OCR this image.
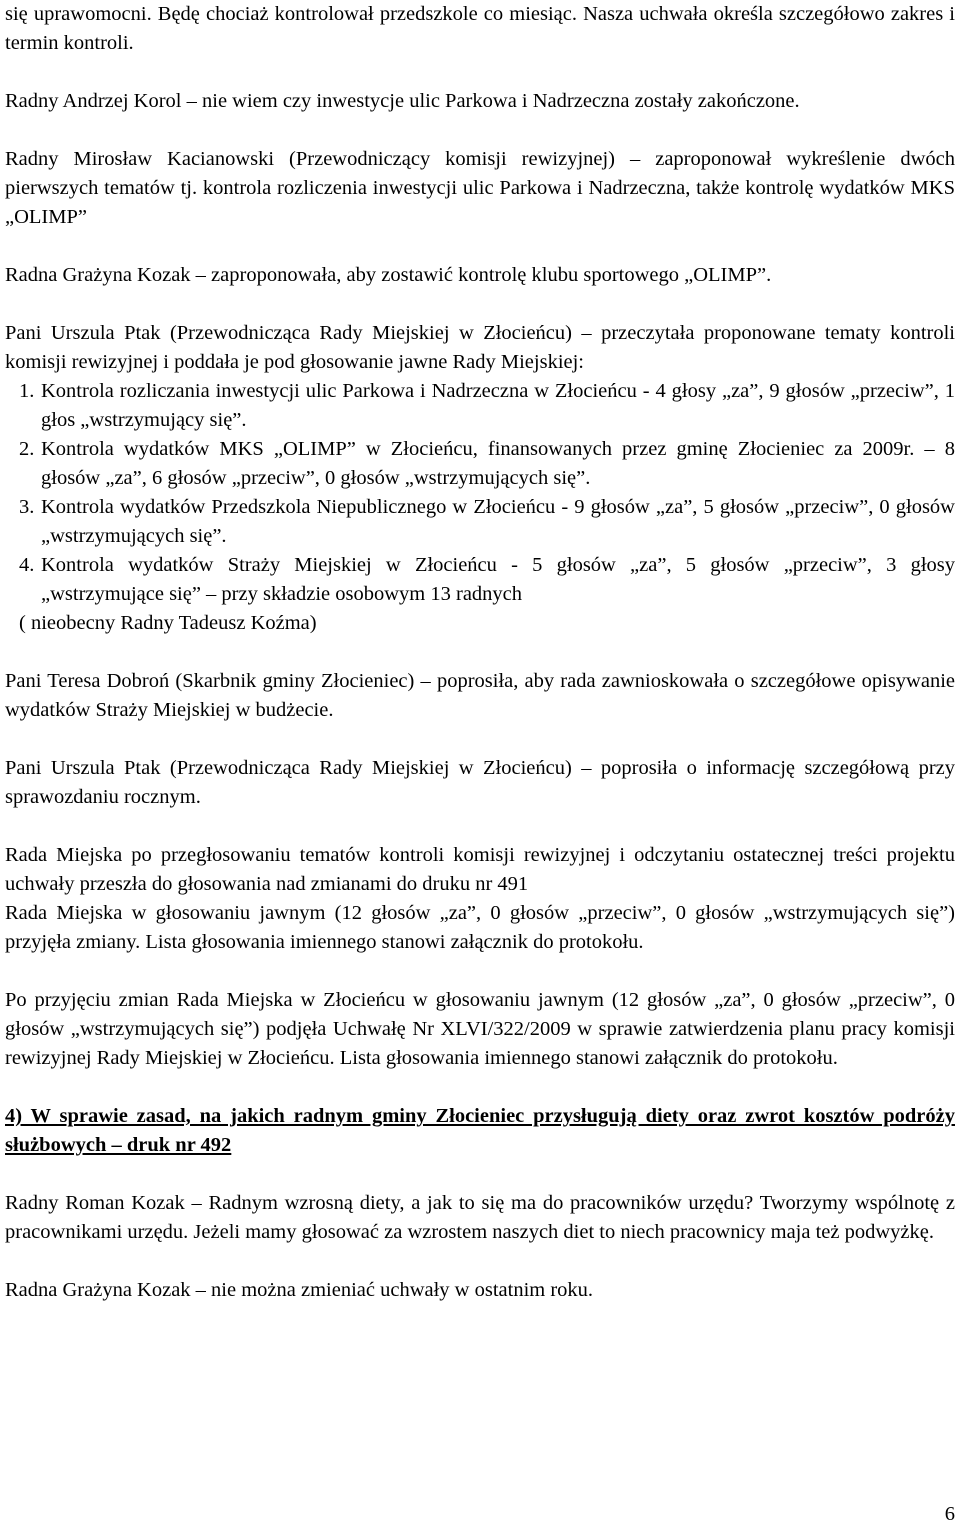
się uprawomocni. Będę chociaż kontrolował przedszkole co miesiąc. Nasza uchwała określa szczegółowo zakres i termin kontroli.

Radny Andrzej Korol – nie wiem czy inwestycje ulic Parkowa i Nadrzeczna zostały zakończone.

Radny Mirosław Kacianowski (Przewodniczący komisji rewizyjnej) – zaproponował wykreślenie dwóch pierwszych tematów tj. kontrola rozliczenia inwestycji ulic Parkowa i Nadrzeczna, także kontrolę wydatków MKS „OLIMP”

Radna Grażyna Kozak – zaproponowała, aby zostawić kontrolę klubu sportowego „OLIMP”.

Pani Urszula Ptak (Przewodnicząca Rady Miejskiej w Złocieńcu) – przeczytała proponowane tematy kontroli komisji rewizyjnej i poddała je pod głosowanie jawne Rady Miejskiej:

1. Kontrola rozliczania inwestycji ulic Parkowa i Nadrzeczna w Złocieńcu - 4 głosy „za”, 9 głosów „przeciw”, 1 głos „wstrzymujący się”.
2. Kontrola wydatków MKS „OLIMP” w Złocieńcu, finansowanych przez gminę Złocieniec za 2009r. – 8 głosów „za”, 6 głosów „przeciw”, 0 głosów „wstrzymujących się”.
3. Kontrola wydatków Przedszkola Niepublicznego w Złocieńcu - 9 głosów „za”, 5 głosów „przeciw”, 0 głosów „wstrzymujących się”.
4. Kontrola wydatków Straży Miejskiej w Złocieńcu - 5 głosów „za”, 5 głosów „przeciw”, 3 głosy „wstrzymujące się” – przy składzie osobowym 13 radnych

( nieobecny Radny Tadeusz Koźma)

Pani Teresa Dobroń (Skarbnik gminy Złocieniec) – poprosiła, aby rada zawnioskowała o szczegółowe opisywanie wydatków Straży Miejskiej w budżecie.

Pani Urszula Ptak (Przewodnicząca Rady Miejskiej w Złocieńcu) – poprosiła o informację szczegółową przy sprawozdaniu rocznym.

Rada Miejska po przegłosowaniu tematów kontroli komisji rewizyjnej i odczytaniu ostatecznej treści projektu uchwały przeszła do głosowania nad zmianami do druku nr 491

Rada Miejska w głosowaniu jawnym (12 głosów „za”, 0 głosów „przeciw”, 0 głosów „wstrzymujących się”) przyjęła zmiany. Lista głosowania imiennego stanowi załącznik do protokołu.

Po przyjęciu zmian Rada Miejska w Złocieńcu w głosowaniu jawnym (12 głosów „za”, 0 głosów „przeciw”, 0 głosów „wstrzymujących się”) podjęła Uchwałę Nr XLVI/322/2009 w sprawie zatwierdzenia planu pracy komisji rewizyjnej Rady Miejskiej w Złocieńcu. Lista głosowania imiennego stanowi załącznik do protokołu.

4) W sprawie zasad, na jakich radnym gminy Złocieniec przysługują diety oraz zwrot kosztów podróży służbowych – druk nr 492

Radny Roman Kozak – Radnym wzrosną diety, a jak to się ma do pracowników urzędu? Tworzymy wspólnotę z pracownikami urzędu. Jeżeli mamy głosować za wzrostem naszych diet to niech pracownicy maja też podwyżkę.

Radna Grażyna Kozak – nie można zmieniać uchwały w ostatnim roku.

6
